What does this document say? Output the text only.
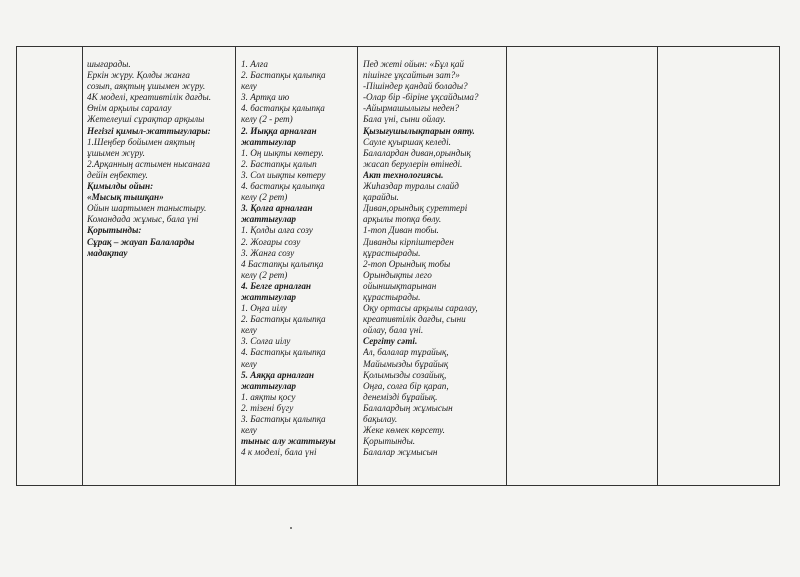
шығарады.
Еркін жүру. Қолды жанға
созып, аяқтың ұшымен жүру.
4К моделі, креативтілік дағды.
Өнім арқылы саралау
Жетелеуші сұрақтар арқылы
Негізгі қимыл-жаттығулары:
1.Шеңбер бойымен аяқтың
ұшымен жүру.
2.Арқанның астымен нысанаға
дейін еңбектеу.
Қимылды ойын:
«Мысық тышқан»
Ойын шартымен таныстыру.
Командада жұмыс, бала үні
Қорытынды:
Сұрақ – жауап Балаларды
мадақтау
1. Алға
2. Бастапқы қалыпқа
келу
3. Артқа ию
4. бастапқы қалыпқа
келу (2 - рет)
2. Иыққа арналған
жаттығулар
1. Оң иықты көтеру.
2. Бастапқы қалып
3. Сол иықты көтеру
4. бастапқы қалыпқа
келу (2 рет)
3. Қолға арналған
жаттығулар
1. Қолды алға созу
2. Жоғары созу
3. Жанға созу
4 Бастапқы қалыпқа
келу (2 рет)
4. Белге арналған
жаттығулар
1. Оңға иілу
2. Бастапқы қалыпқа
келу
3. Солға иілу
4. Бастапқы қалыпқа
келу
5. Аяққа арналған
жаттығулар
1. аяқты қосу
2. тізені бүгу
3. Бастапқы қалыпқа
келу
тыныс алу жаттығуы
4 к моделі, бала үні
Пед жеті ойын: «Бұл қай
пішінге ұқсайтын зат?»
-Пішіндер қандай болады?
-Олар бір -біріне ұқсайдыма?
-Айырмашылығы неден?
Бала үні, сыни ойлау.
Қызығушылықтарын ояту.
Сауле қуыршақ келеді.
Балалардан диван,орындық
жасап берулерін өтінеді.
Акт технологиясы.
Жиһаздар туралы слайд
қарайды.
Диван,орындық суреттері
арқылы топқа бөлу.
1-топ Диван тобы.
Диванды кірпіштерден
құрастырады.
2-топ Орындық тобы
Орындықты лего
ойыншықтарынан
құрастырады.
Оқу ортасы арқылы саралау,
креативтілік дағды, сыни
ойлау, бала үні.
Сергіту сәті.
Ал, балалар тұрайық,
Майымызды бұрайық
Қолымызды созайық,
Оңға, солға бір қарап,
денемізді бұрайық.
Балалардың жұмысын
бақылау.
Жеке көмек көрсету.
Қорытынды.
Балалар жұмысын
